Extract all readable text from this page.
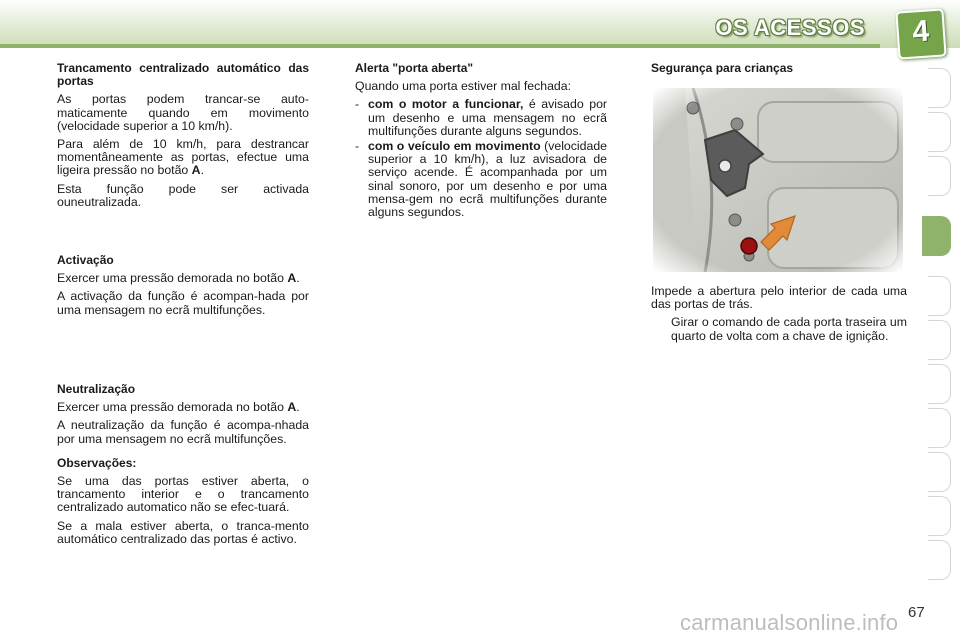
OS ACESSOS	4

Trancamento centralizado automático das portas

As portas podem trancar-se auto-maticamente quando em movimento (velocidade superior a 10 km/h).

Para além de 10 km/h, para destrancar momentâneamente as portas, efectue uma ligeira pressão no botão A.

Esta função pode ser activada ouneutralizada.

Activação

Exercer uma pressão demorada no botão A.

A activação da função é acompan-hada por uma mensagem no ecrã multifunções.

Neutralização

Exercer uma pressão demorada no botão A.

A neutralização da função é acompa-nhada por uma mensagem no ecrã multifunções.

Observações:

Se uma das portas estiver aberta, o trancamento interior e o trancamento centralizado automatico não se efec-tuará.

Se a mala estiver aberta, o tranca-mento automático centralizado das portas é activo.

Alerta "porta aberta"

Quando uma porta estiver mal fechada:

- com o motor a funcionar, é avisado por um desenho e uma mensagem no ecrã multifunções durante alguns segundos.
- com o veículo em movimento (velocidade superior a 10 km/h), a luz avisadora de serviço acende. É acompanhada por um sinal sonoro, por um desenho e por uma mensa-gem no ecrã multifunções durante alguns segundos.

Segurança para crianças

Impede a abertura pelo interior de cada uma das portas de trás.

Girar o comando de cada porta traseira um quarto de volta com a chave de ignição.
67
carmanualsonline.info
